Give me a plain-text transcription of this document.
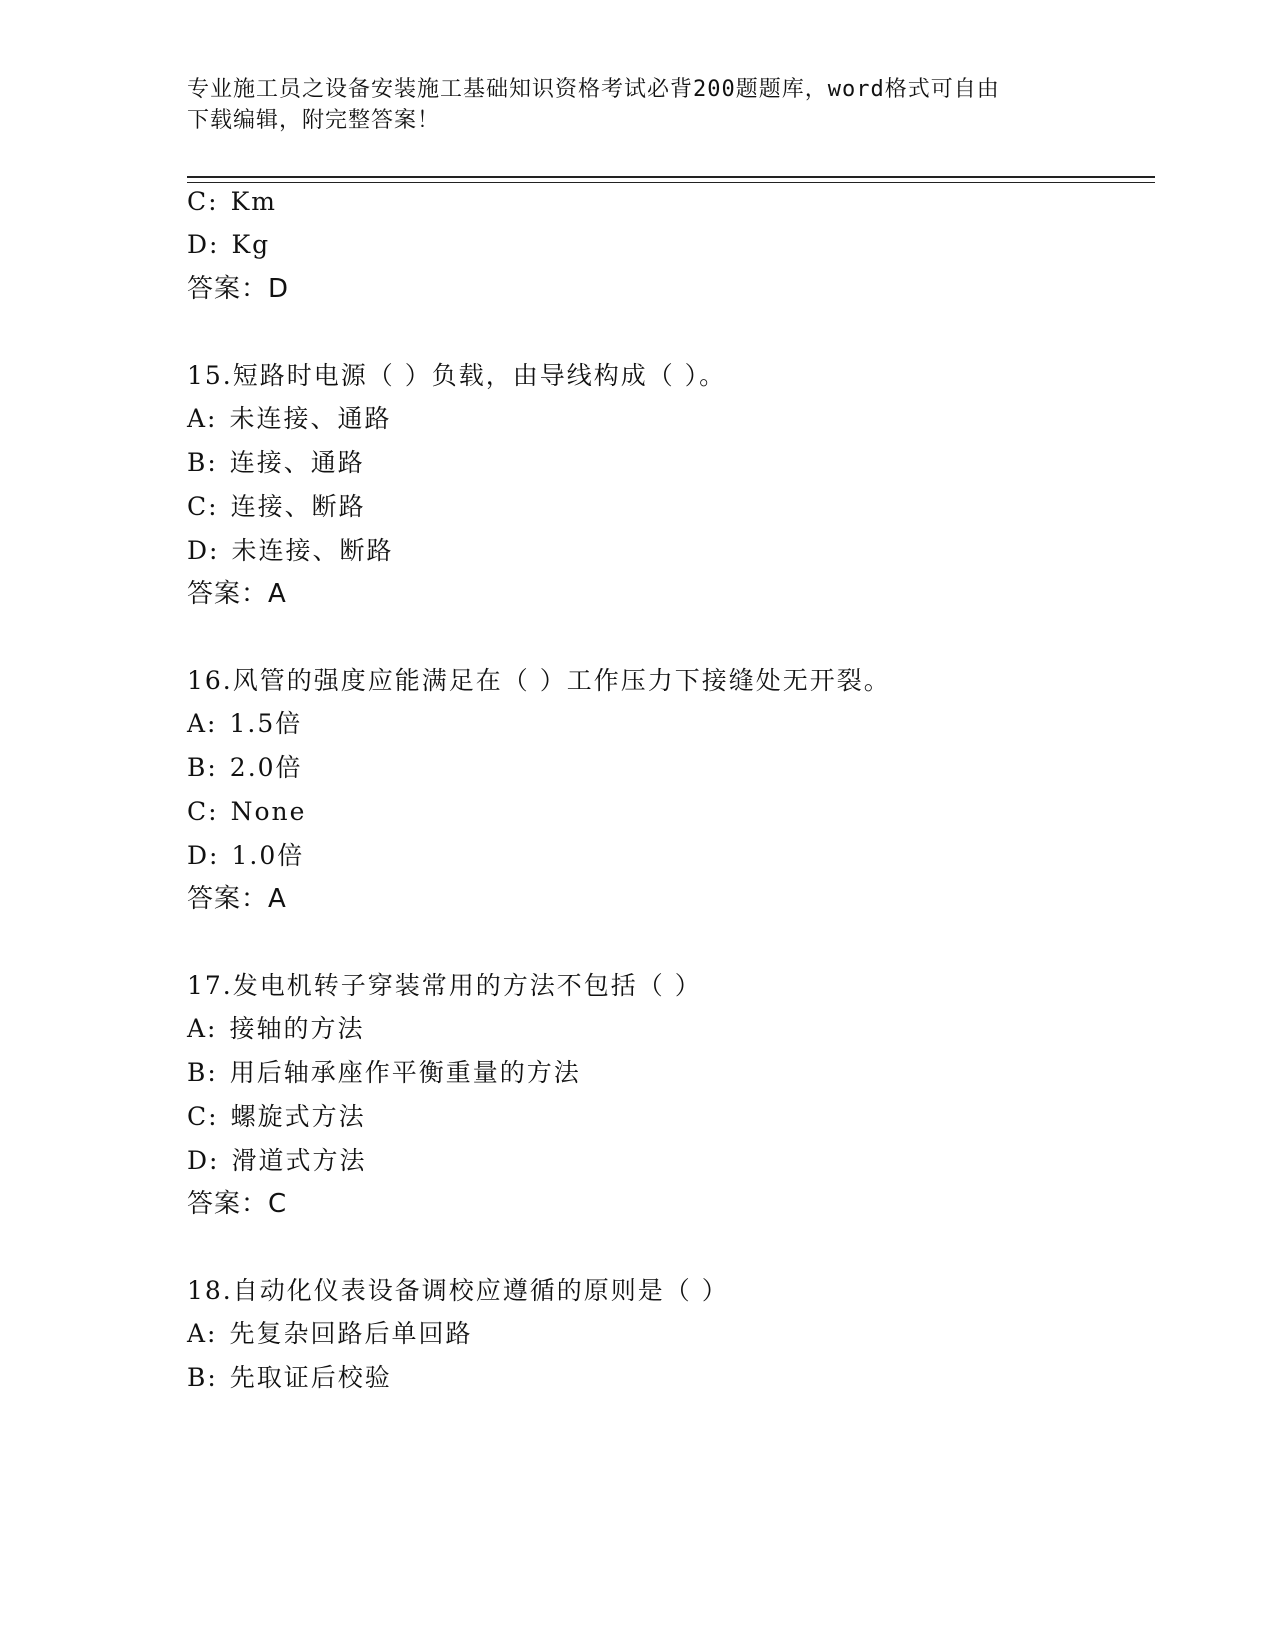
专业施工员之设备安装施工基础知识资格考试必背200题题库，word格式可自由
下载编辑，附完整答案！
C: Km
D: Kg
答案：D
15.短路时电源（ ）负载，由导线构成（ ）。
A: 未连接、通路
B: 连接、通路
C: 连接、断路
D: 未连接、断路
答案：A
16.风管的强度应能满足在（ ）工作压力下接缝处无开裂。
A: 1.5倍
B: 2.0倍
C: None
D: 1.0倍
答案：A
17.发电机转子穿装常用的方法不包括（ ）
A: 接轴的方法
B: 用后轴承座作平衡重量的方法
C: 螺旋式方法
D: 滑道式方法
答案：C
18.自动化仪表设备调校应遵循的原则是（ ）
A: 先复杂回路后单回路
B: 先取证后校验
